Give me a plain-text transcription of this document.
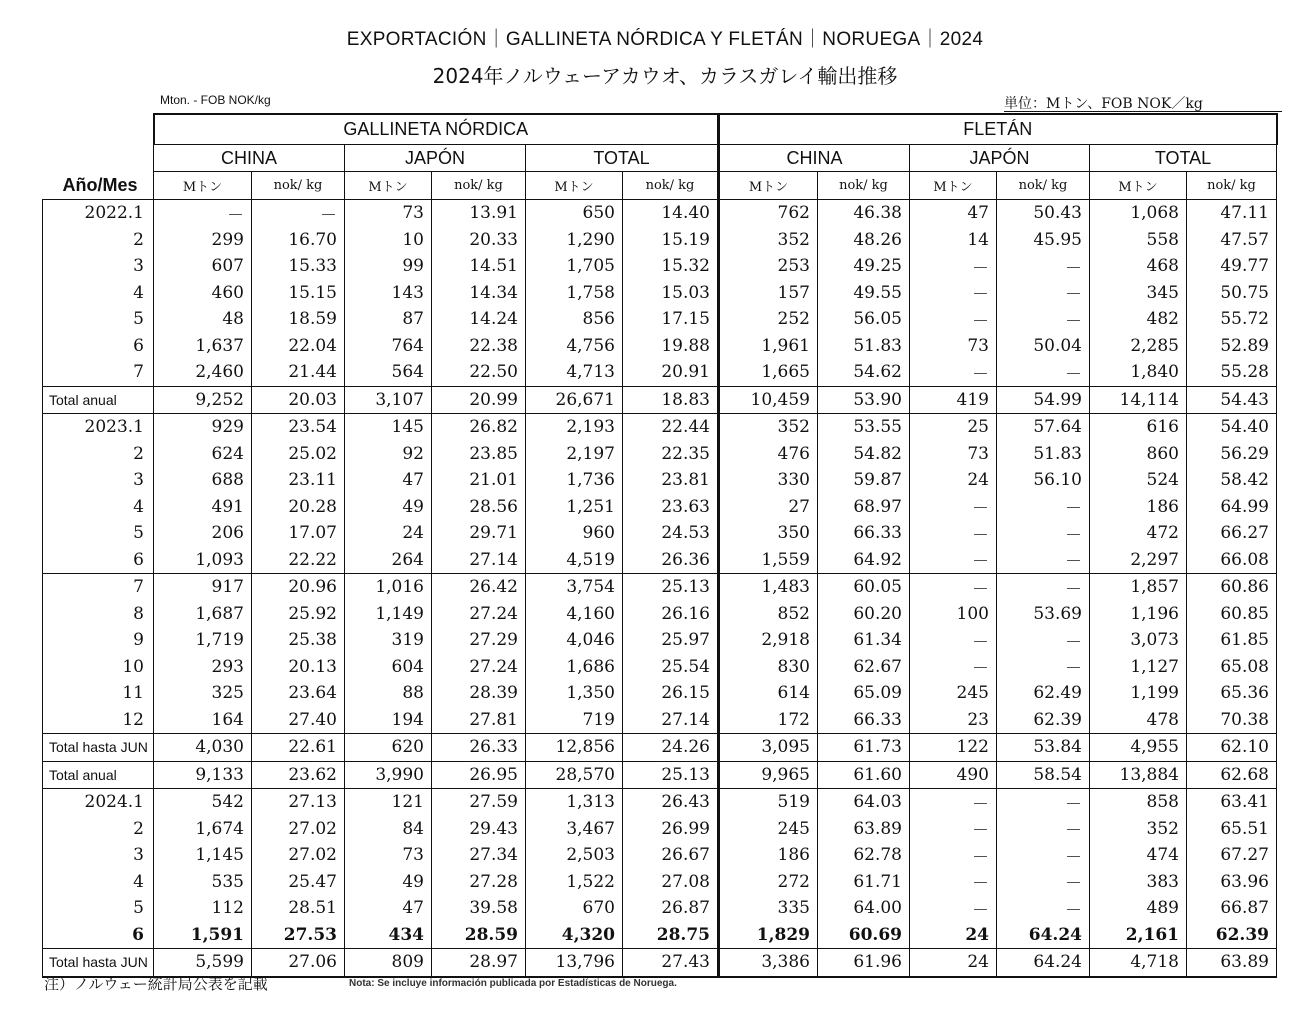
EXPORTACIÓN｜GALLINETA NÓRDICA Y FLETÁN｜NORUEGA｜2024
2024年ノルウェーアカウオ、カラスガレイ輸出推移
Mton. - FOB NOK/kg	単位：Mトン、FOB NOK／kg
	GALLINETA NÓRDICA						FLETÁN					
	CHINA		JAPÓN		TOTAL		CHINA		JAPÓN		TOTAL	
Año/Mes	Mトン	nok/ kg	Mトン	nok/ kg	Mトン	nok/ kg	Mトン	nok/ kg	Mトン	nok/ kg	Mトン	nok/ kg
2022.1	－	－	73	13.91	650	14.40	762	46.38	47	50.43	1,068	47.11
2	299	16.70	10	20.33	1,290	15.19	352	48.26	14	45.95	558	47.57
3	607	15.33	99	14.51	1,705	15.32	253	49.25	－	－	468	49.77
4	460	15.15	143	14.34	1,758	15.03	157	49.55	－	－	345	50.75
5	48	18.59	87	14.24	856	17.15	252	56.05	－	－	482	55.72
6	1,637	22.04	764	22.38	4,756	19.88	1,961	51.83	73	50.04	2,285	52.89
7	2,460	21.44	564	22.50	4,713	20.91	1,665	54.62	－	－	1,840	55.28
Total anual	9,252	20.03	3,107	20.99	26,671	18.83	10,459	53.90	419	54.99	14,114	54.43
2023.1	929	23.54	145	26.82	2,193	22.44	352	53.55	25	57.64	616	54.40
2	624	25.02	92	23.85	2,197	22.35	476	54.82	73	51.83	860	56.29
3	688	23.11	47	21.01	1,736	23.81	330	59.87	24	56.10	524	58.42
4	491	20.28	49	28.56	1,251	23.63	27	68.97	－	－	186	64.99
5	206	17.07	24	29.71	960	24.53	350	66.33	－	－	472	66.27
6	1,093	22.22	264	27.14	4,519	26.36	1,559	64.92	－	－	2,297	66.08
7	917	20.96	1,016	26.42	3,754	25.13	1,483	60.05	－	－	1,857	60.86
8	1,687	25.92	1,149	27.24	4,160	26.16	852	60.20	100	53.69	1,196	60.85
9	1,719	25.38	319	27.29	4,046	25.97	2,918	61.34	－	－	3,073	61.85
10	293	20.13	604	27.24	1,686	25.54	830	62.67	－	－	1,127	65.08
11	325	23.64	88	28.39	1,350	26.15	614	65.09	245	62.49	1,199	65.36
12	164	27.40	194	27.81	719	27.14	172	66.33	23	62.39	478	70.38
Total hasta JUN	4,030	22.61	620	26.33	12,856	24.26	3,095	61.73	122	53.84	4,955	62.10
Total anual	9,133	23.62	3,990	26.95	28,570	25.13	9,965	61.60	490	58.54	13,884	62.68
2024.1	542	27.13	121	27.59	1,313	26.43	519	64.03	－	－	858	63.41
2	1,674	27.02	84	29.43	3,467	26.99	245	63.89	－	－	352	65.51
3	1,145	27.02	73	27.34	2,503	26.67	186	62.78	－	－	474	67.27
4	535	25.47	49	27.28	1,522	27.08	272	61.71	－	－	383	63.96
5	112	28.51	47	39.58	670	26.87	335	64.00	－	－	489	66.87
6	1,591	27.53	434	28.59	4,320	28.75	1,829	60.69	24	64.24	2,161	62.39
Total hasta JUN	5,599	27.06	809	28.97	13,796	27.43	3,386	61.96	24	64.24	4,718	63.89
注）ノルウェー統計局公表を記載	Nota: Se incluye información publicada por Estadísticas de Noruega.
